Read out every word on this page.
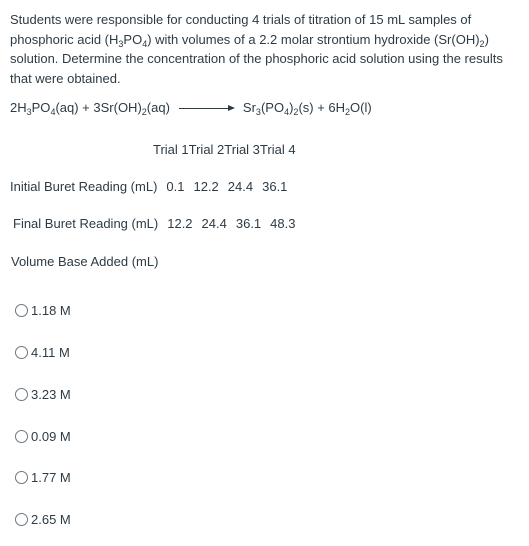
Students were responsible for conducting 4 trials of titration of 15 mL samples of phosphoric acid $(H_3PO_4)$ with volumes of a 2.2 molar strontium hydroxide $(Sr(OH)_2)$ solution. Determine the concentration of the phosphoric acid solution using the results that were obtained.

$2H_3PO_4(aq) + 3Sr(OH)_2(aq)$	$Sr_3(PO_4)_2(s) + 6H_2O(l)$
Trial 1Trial 2Trial 3Trial 4
Initial Buret Reading (mL) 0.1 12.2 24.4 36.1
Final Buret Reading (mL) 12.2 24.4 36.1 48.3
Volume Base Added (mL)
1.18 M
4.11 M
3.23 M
0.09 M
1.77 M
2.65 M
